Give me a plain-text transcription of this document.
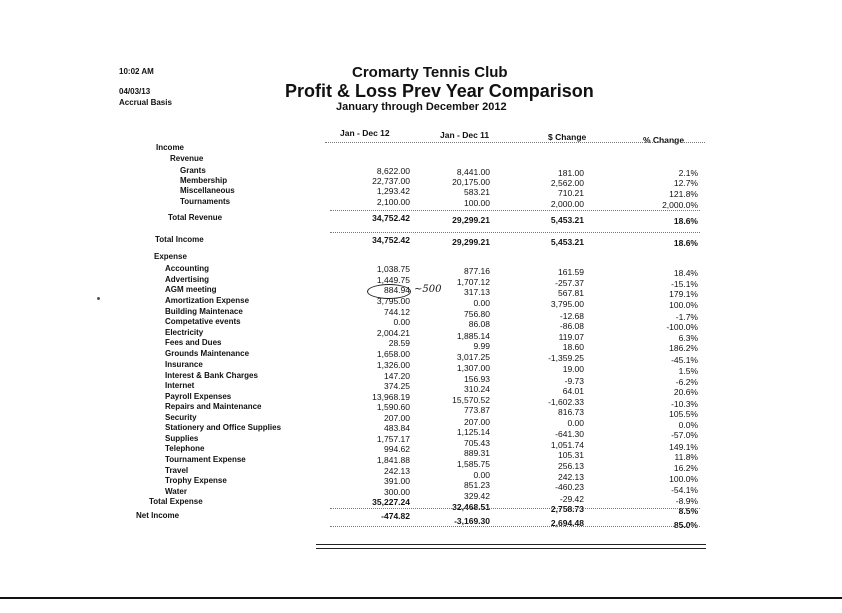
10:02 AM
04/03/13
Accrual Basis
Cromarty Tennis Club
Profit & Loss Prev Year Comparison
January through December 2012
Jan - Dec 12	Jan - Dec 11	$ Change	% Change
Income
Revenue
Grants	8,622.00	8,441.00	181.00	2.1%
Membership	22,737.00	20,175.00	2,562.00	12.7%
Miscellaneous	1,293.42	583.21	710.21	121.8%
Tournaments	2,100.00	100.00	2,000.00	2,000.0%
Total Revenue	34,752.42	29,299.21	5,453.21	18.6%
Total Income	34,752.42	29,299.21	5,453.21	18.6%
Expense
Accounting	1,038.75	877.16	161.59	18.4%
Advertising	1,449.75	1,707.12	-257.37	-15.1%
AGM meeting	884.94	317.13	567.81	179.1%
Amortization Expense	3,795.00	0.00	3,795.00	100.0%
Building Maintenace	744.12	756.80	-12.68	-1.7%
Competative events	0.00	86.08	-86.08	-100.0%
Electricity	2,004.21	1,885.14	119.07	6.3%
Fees and Dues	28.59	9.99	18.60	186.2%
Grounds Maintenance	1,658.00	3,017.25	-1,359.25	-45.1%
Insurance	1,326.00	1,307.00	19.00	1.5%
Interest & Bank Charges	147.20	156.93	-9.73	-6.2%
Internet	374.25	310.24	64.01	20.6%
Payroll Expenses	13,968.19	15,570.52	-1,602.33	-10.3%
Repairs and Maintenance	1,590.60	773.87	816.73	105.5%
Security	207.00	207.00	0.00	0.0%
Stationery and Office Supplies	483.84	1,125.14	-641.30	-57.0%
Supplies	1,757.17	705.43	1,051.74	149.1%
Telephone	994.62	889.31	105.31	11.8%
Tournament Expense	1,841.88	1,585.75	256.13	16.2%
Travel	242.13	0.00	242.13	100.0%
Trophy Expense	391.00	851.23	-460.23	-54.1%
Water	300.00	329.42	-29.42	-8.9%
Total Expense	35,227.24	32,468.51	2,758.73	8.5%
Net Income	-474.82	-3,169.30	2,694.48	85.0%
~500
